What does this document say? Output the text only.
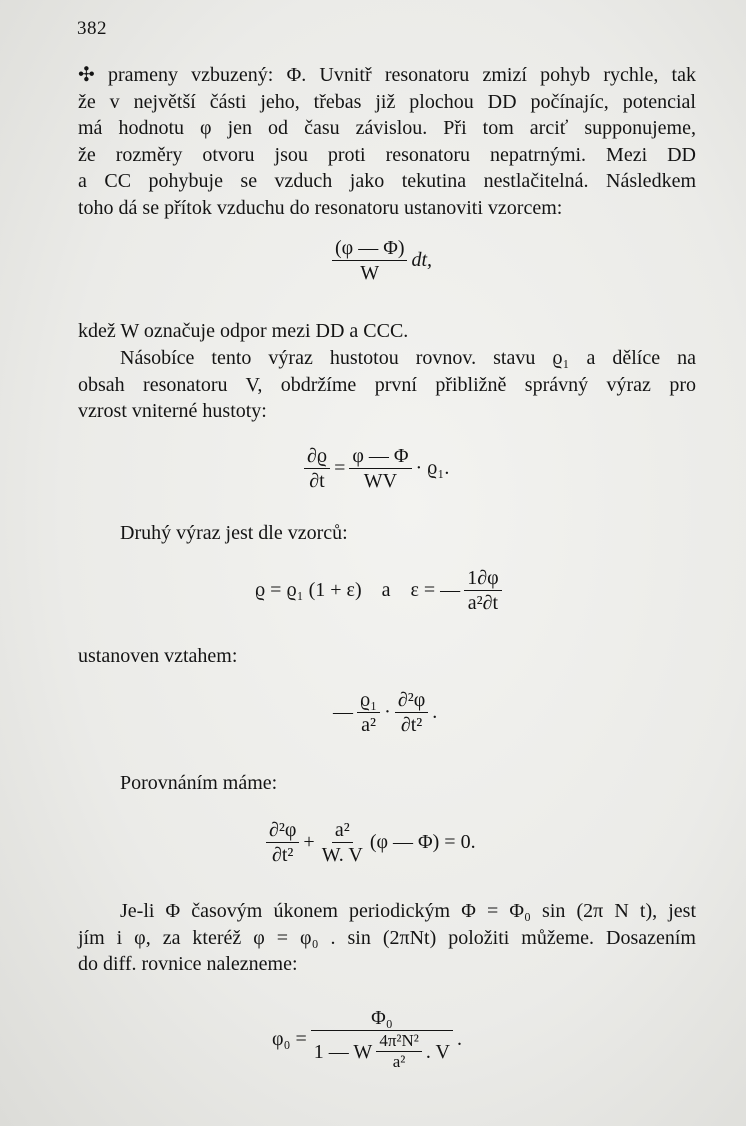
382
✣ prameny vzbuzený: Φ. Uvnitř resonatoru zmizí pohyb rychle, tak
že v největší části jeho, třebas již plochou DD počínajíc, potencial
má hodnotu φ jen od času závislou. Při tom arciť supponujeme,
že rozměry otvoru jsou proti resonatoru nepatrnými. Mezi DD
a CC pohybuje se vzduch jako tekutina nestlačitelná. Následkem
toho dá se přítok vzduchu do resonatoru ustanoviti vzorcem:
$\frac{(\varphi — \Phi)}{W}$ dt,
kdež W označuje odpor mezi DD a CCC.
Násobíce tento výraz hustotou rovnov. stavu ϱ₁ a dělíce na
obsah resonatoru V, obdržíme první přibližně správný výraz pro
vzrost vniterné hustoty:
$\frac{\partial ϱ}{\partial t} = \frac{\varphi — \Phi}{WV} \cdot ϱ_1$.
Druhý výraz jest dle vzorců:
ϱ = ϱ₁ (1 + ε) a ε = — $\frac{1\partial\varphi}{\text{a²∂t}}$
ustanoven vztahem:
— $\frac{\text{ϱ₁}}{\text{a²}} \cdot \frac{\text{∂²φ}}{\text{∂t²}}$ .
Porovnáním máme:
$\frac{\text{∂²φ}}{\text{∂t²}} + \frac{\text{a²}}{W. V} (\varphi$ — Φ) = 0.
Je-li Φ časovým úkonem periodickým Φ = Φ₀ sin (2π N t), jest
jím i φ, za kteréž φ = φ₀ . sin (2πNt) položiti můžeme. Dosazením
do diff. rovnice nalezneme:
φ₀ =
Φ₀
1 — W $\frac{\text{4π²N²}}{\text{a²}}$ . V
.
